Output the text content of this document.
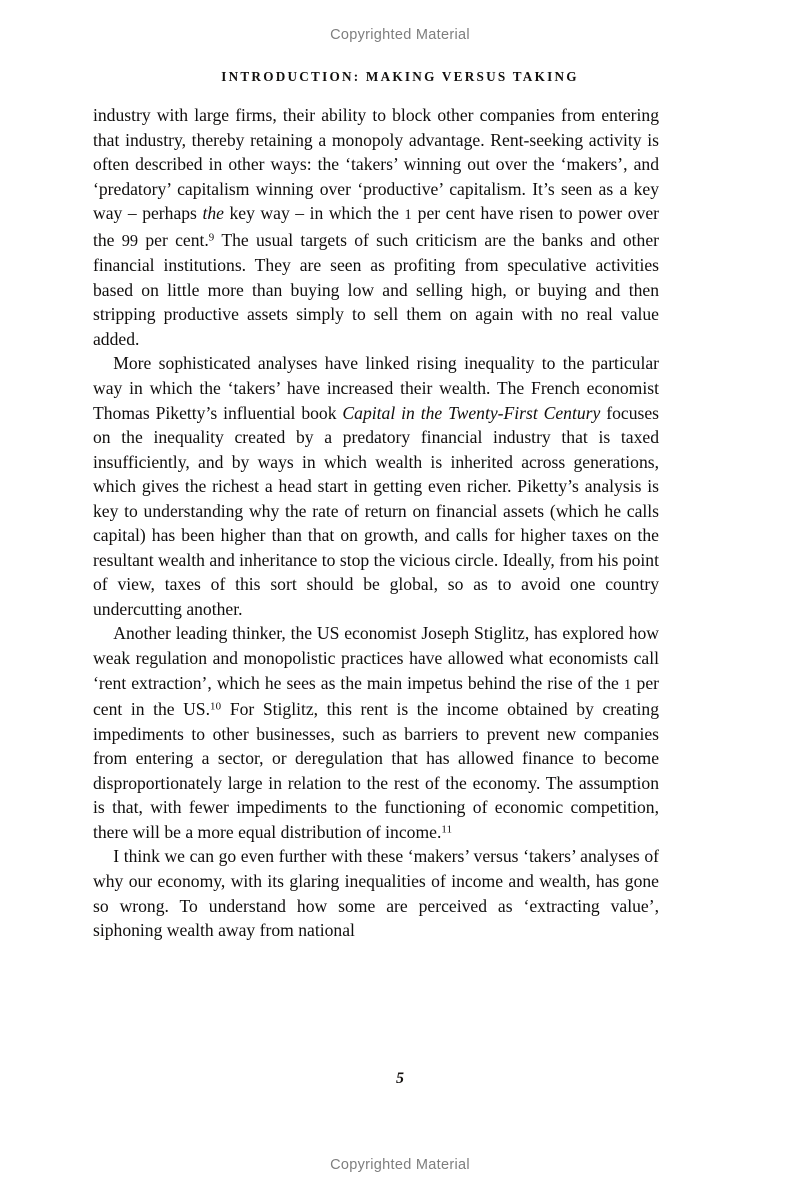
Copyrighted Material
INTRODUCTION: MAKING VERSUS TAKING

industry with large firms, their ability to block other companies from entering that industry, thereby retaining a monopoly advantage. Rent-seeking activity is often described in other ways: the ‘takers’ winning out over the ‘makers’, and ‘predatory’ capitalism winning over ‘productive’ capitalism. It’s seen as a key way – perhaps the key way – in which the 1 per cent have risen to power over the 99 per cent.$^9$ The usual targets of such criticism are the banks and other financial institutions. They are seen as profiting from speculative activities based on little more than buying low and selling high, or buying and then stripping productive assets simply to sell them on again with no real value added.

More sophisticated analyses have linked rising inequality to the particular way in which the ‘takers’ have increased their wealth. The French economist Thomas Piketty’s influential book Capital in the Twenty-First Century focuses on the inequality created by a predatory financial industry that is taxed insufficiently, and by ways in which wealth is inherited across generations, which gives the richest a head start in getting even richer. Piketty’s analysis is key to understanding why the rate of return on financial assets (which he calls capital) has been higher than that on growth, and calls for higher taxes on the resultant wealth and inheritance to stop the vicious circle. Ideally, from his point of view, taxes of this sort should be global, so as to avoid one country undercutting another.

Another leading thinker, the US economist Joseph Stiglitz, has explored how weak regulation and monopolistic practices have allowed what economists call ‘rent extraction’, which he sees as the main impetus behind the rise of the 1 per cent in the US.$^{10}$ For Stiglitz, this rent is the income obtained by creating impediments to other businesses, such as barriers to prevent new companies from entering a sector, or deregulation that has allowed finance to become disproportionately large in relation to the rest of the economy. The assumption is that, with fewer impediments to the functioning of economic competition, there will be a more equal distribution of income.$^{11}$

I think we can go even further with these ‘makers’ versus ‘takers’ analyses of why our economy, with its glaring inequalities of income and wealth, has gone so wrong. To understand how some are perceived as ‘extracting value’, siphoning wealth away from national

5
Copyrighted Material
